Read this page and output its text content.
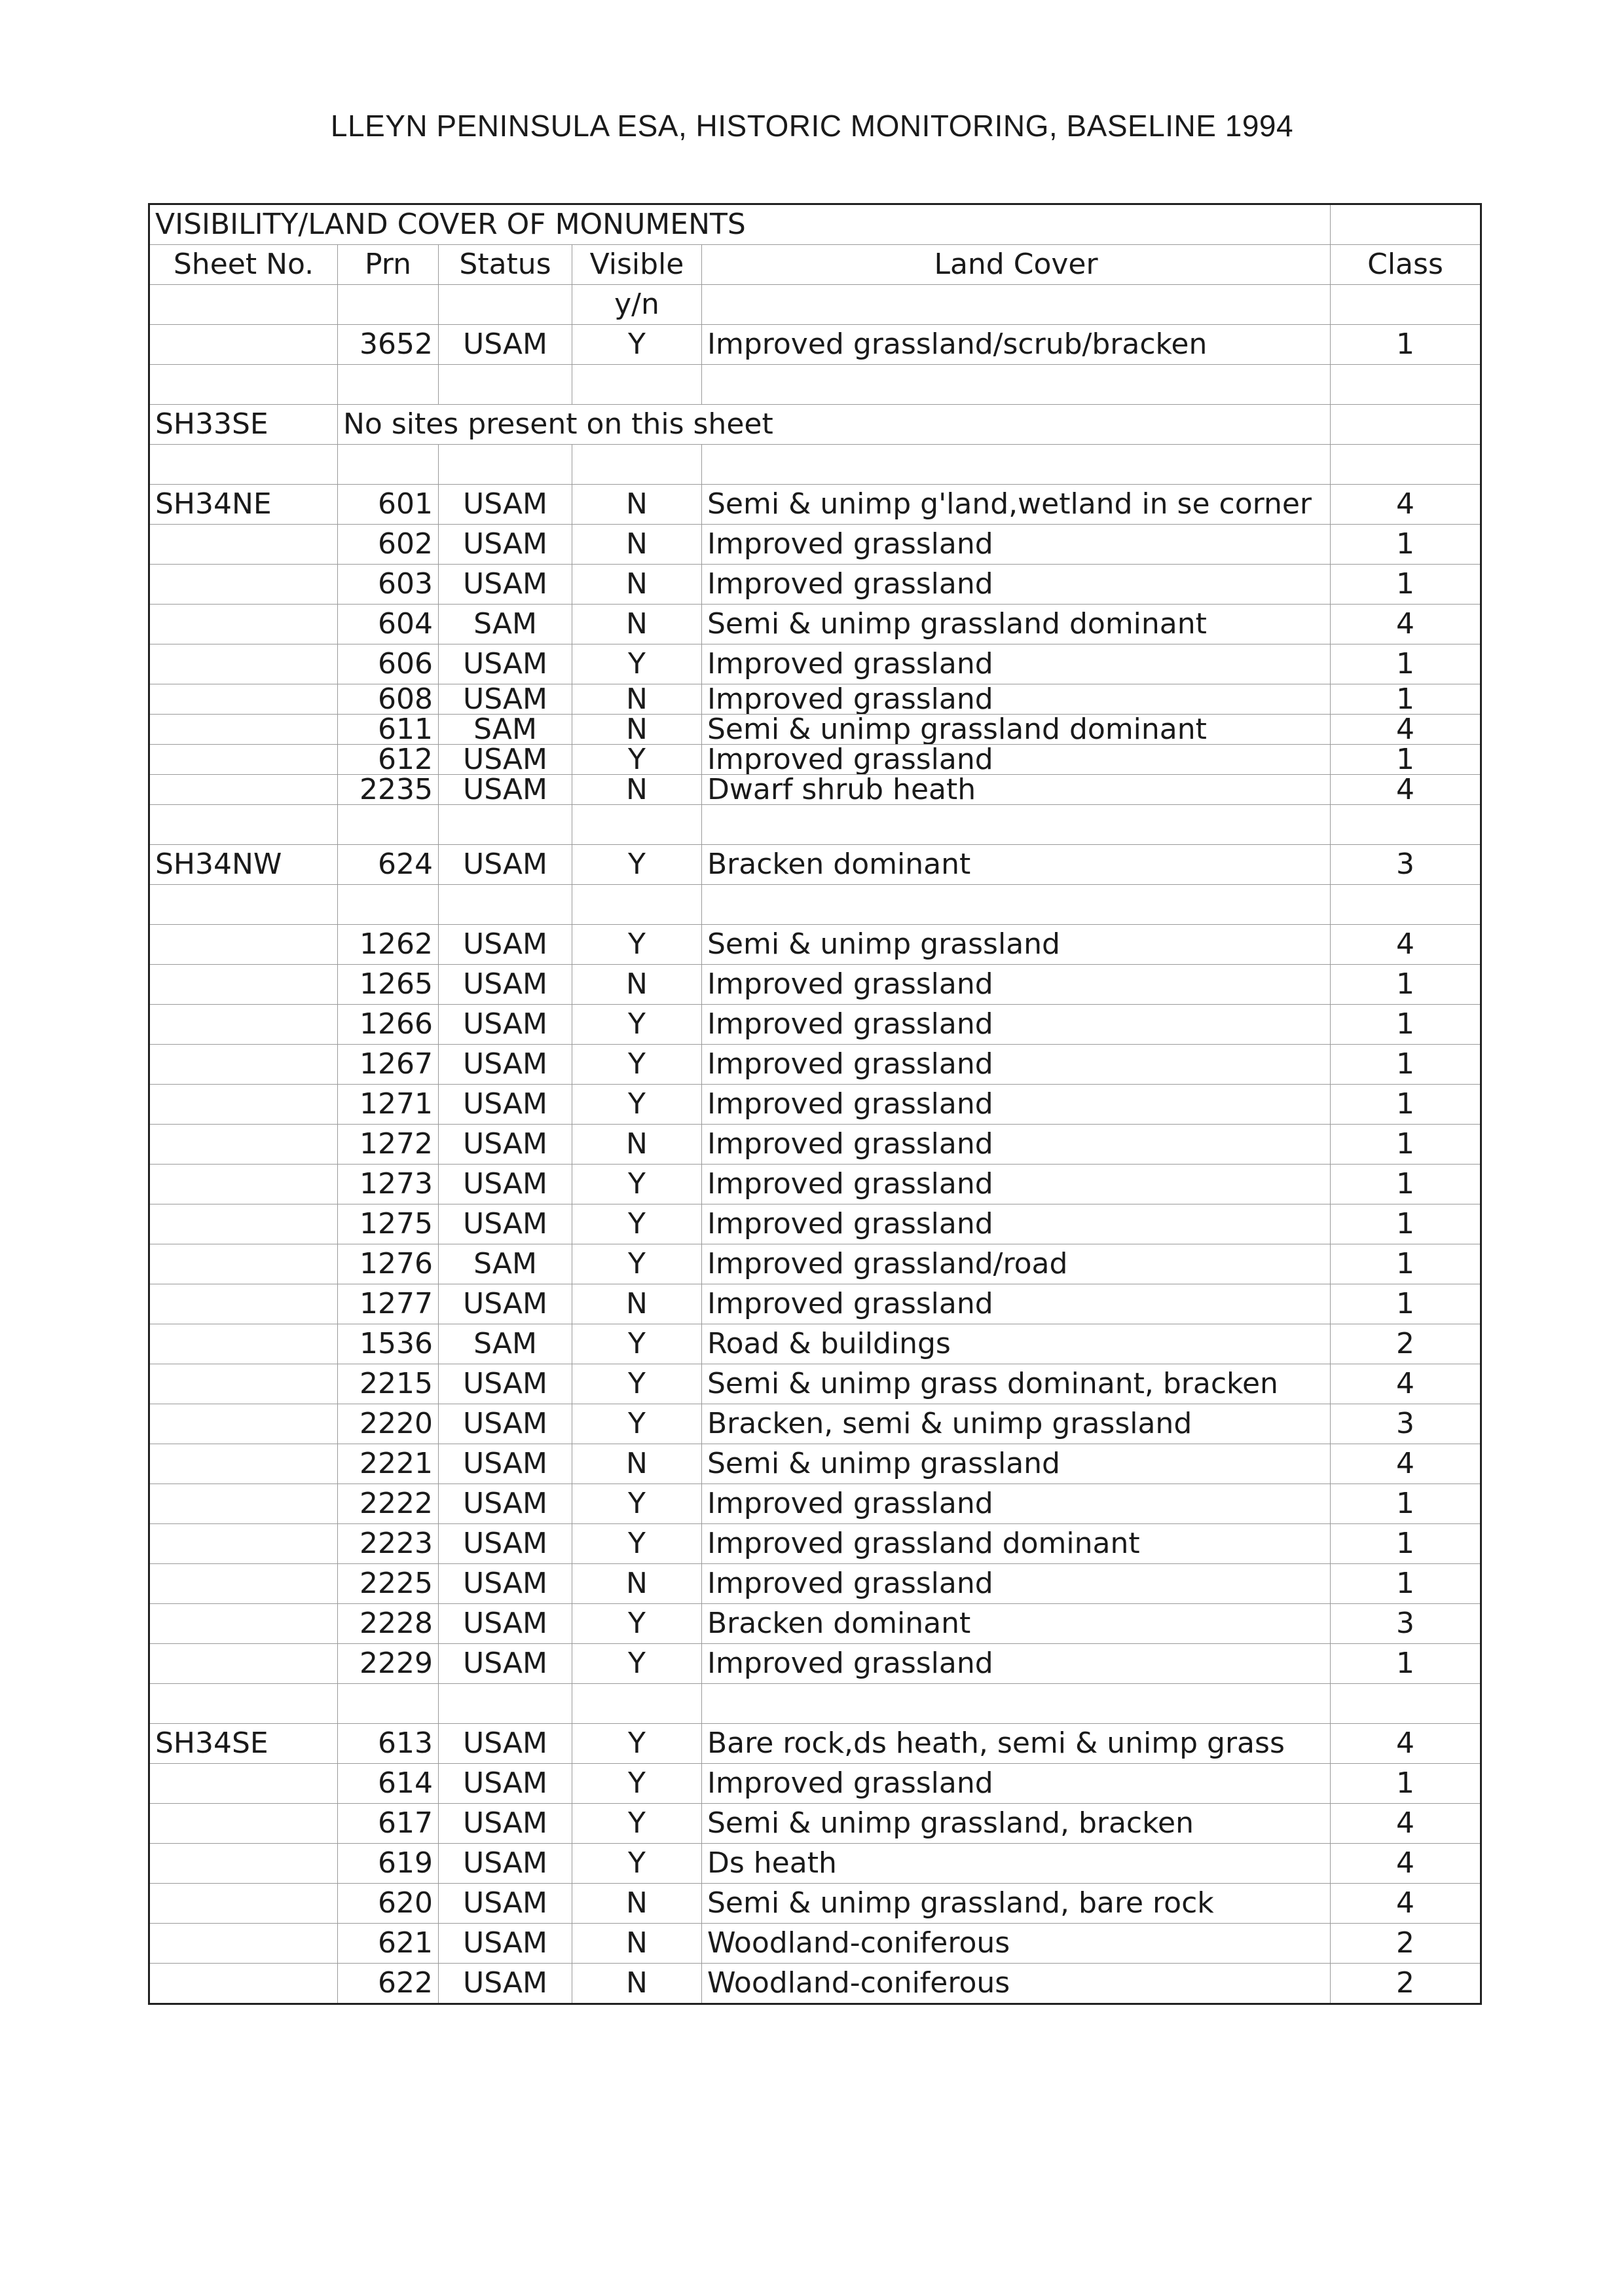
LLEYN PENINSULA ESA, HISTORIC MONITORING, BASELINE 1994
VISIBILITY/LAND COVER OF MONUMENTS					
Sheet No.	Prn	Status	Visible	Land Cover	Class
			y/n		
	3652	USAM	Y	Improved grassland/scrub/bracken	1

SH33SE	No sites present on this sheet				

SH34NE	601	USAM	N	Semi & unimp g'land,wetland in se corner	4
	602	USAM	N	Improved grassland	1
	603	USAM	N	Improved grassland	1
	604	SAM	N	Semi & unimp grassland dominant	4
	606	USAM	Y	Improved grassland	1
	608	USAM	N	Improved grassland	1
	611	SAM	N	Semi & unimp grassland dominant	4
	612	USAM	Y	Improved grassland	1
	2235	USAM	N	Dwarf shrub heath	4

SH34NW	624	USAM	Y	Bracken dominant	3

	1262	USAM	Y	Semi & unimp grassland	4
	1265	USAM	N	Improved grassland	1
	1266	USAM	Y	Improved grassland	1
	1267	USAM	Y	Improved grassland	1
	1271	USAM	Y	Improved grassland	1
	1272	USAM	N	Improved grassland	1
	1273	USAM	Y	Improved grassland	1
	1275	USAM	Y	Improved grassland	1
	1276	SAM	Y	Improved grassland/road	1
	1277	USAM	N	Improved grassland	1
	1536	SAM	Y	Road & buildings	2
	2215	USAM	Y	Semi & unimp grass dominant, bracken	4
	2220	USAM	Y	Bracken, semi & unimp grassland	3
	2221	USAM	N	Semi & unimp grassland	4
	2222	USAM	Y	Improved grassland	1
	2223	USAM	Y	Improved grassland dominant	1
	2225	USAM	N	Improved grassland	1
	2228	USAM	Y	Bracken dominant	3
	2229	USAM	Y	Improved grassland	1

SH34SE	613	USAM	Y	Bare rock,ds heath, semi & unimp grass	4
	614	USAM	Y	Improved grassland	1
	617	USAM	Y	Semi & unimp grassland, bracken	4
	619	USAM	Y	Ds heath	4
	620	USAM	N	Semi & unimp grassland, bare rock	4
	621	USAM	N	Woodland-coniferous	2
	622	USAM	N	Woodland-coniferous	2
